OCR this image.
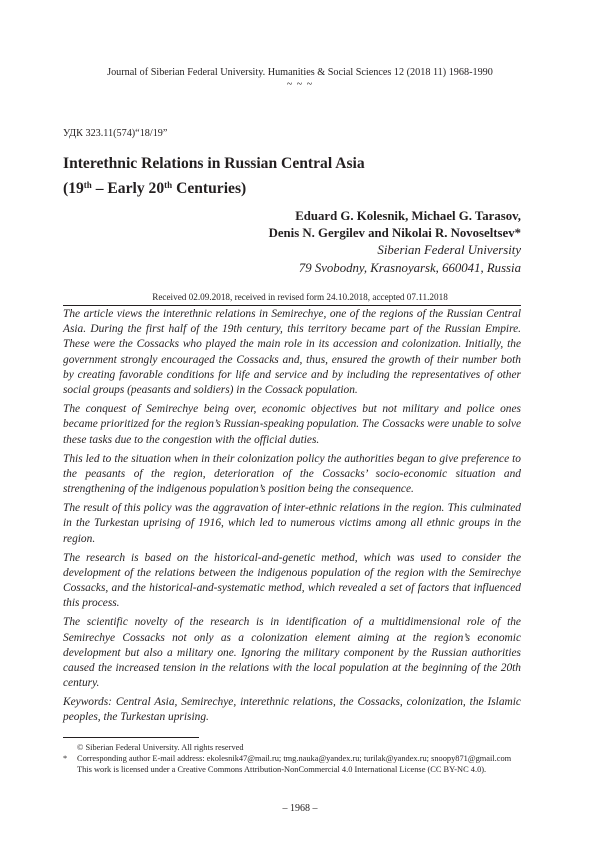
Journal of Siberian Federal University. Humanities & Social Sciences 12 (2018 11) 1968-1990
~ ~ ~
УДК 323.11(574)“18/19”
Interethnic Relations in Russian Central Asia
(19th – Early 20th Centuries)
Eduard G. Kolesnik, Michael G. Tarasov,
Denis N. Gergilev and Nikolai R. Novoseltsev*
Siberian Federal University
79 Svobodny, Krasnoyarsk, 660041, Russia
Received 02.09.2018, received in revised form 24.10.2018, accepted 07.11.2018

The article views the interethnic relations in Semirechye, one of the regions of the Russian Central Asia. During the first half of the 19th century, this territory became part of the Russian Empire. These were the Cossacks who played the main role in its accession and colonization. Initially, the government strongly encouraged the Cossacks and, thus, ensured the growth of their number both by creating favorable conditions for life and service and by including the representatives of other social groups (peasants and soldiers) in the Cossack population.

The conquest of Semirechye being over, economic objectives but not military and police ones became prioritized for the region’s Russian-speaking population. The Cossacks were unable to solve these tasks due to the congestion with the official duties.

This led to the situation when in their colonization policy the authorities began to give preference to the peasants of the region, deterioration of the Cossacks’ socio-economic situation and strengthening of the indigenous population’s position being the consequence.

The result of this policy was the aggravation of inter-ethnic relations in the region. This culminated in the Turkestan uprising of 1916, which led to numerous victims among all ethnic groups in the region.

The research is based on the historical-and-genetic method, which was used to consider the development of the relations between the indigenous population of the region with the Semirechye Cossacks, and the historical-and-systematic method, which revealed a set of factors that influenced this process.

The scientific novelty of the research is in identification of a multidimensional role of the Semirechye Cossacks not only as a colonization element aiming at the region’s economic development but also a military one. Ignoring the military component by the Russian authorities caused the increased tension in the relations with the local population at the beginning of the 20th century.

Keywords: Central Asia, Semirechye, interethnic relations, the Cossacks, colonization, the Islamic peoples, the Turkestan uprising.

© Siberian Federal University. All rights reserved
* Corresponding author E-mail address: ekolesnik47@mail.ru; tmg.nauka@yandex.ru; turilak@yandex.ru; snoopy871@gmail.com
This work is licensed under a Creative Commons Attribution-NonCommercial 4.0 International License (CC BY-NC 4.0).
– 1968 –
